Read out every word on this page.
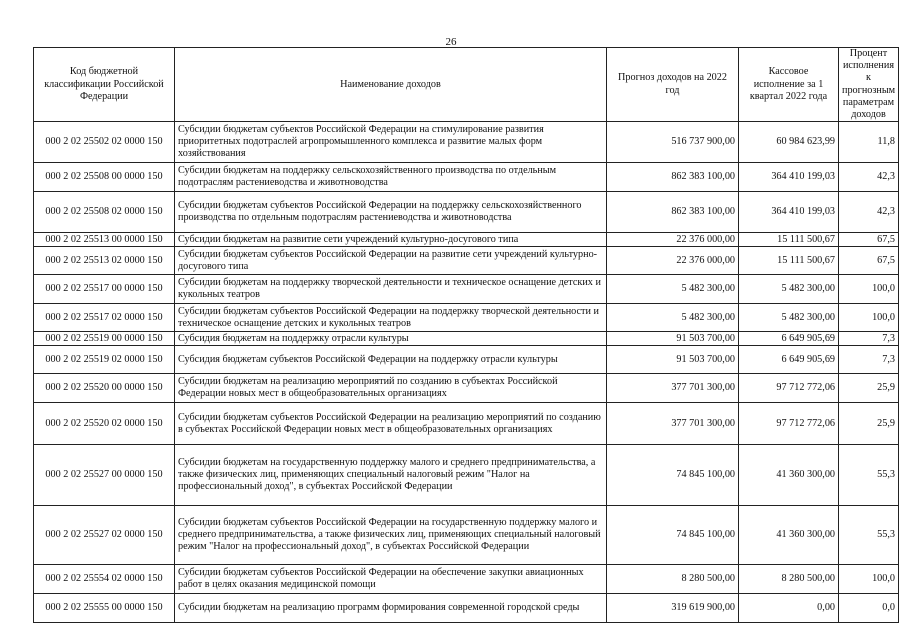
26
Код бюджетной классификации Российской Федерации	Наименование доходов	Прогноз доходов на 2022 год	Кассовое исполнение за 1 квартал 2022 года	Процент исполнения к прогнозным параметрам доходов
000 2 02 25502 02 0000 150	Субсидии бюджетам субъектов Российской Федерации на стимулирование развития приоритетных подотраслей агропромышленного комплекса и развитие малых форм хозяйствования	516 737 900,00	60 984 623,99	11,8
000 2 02 25508 00 0000 150	Субсидии бюджетам на поддержку сельскохозяйственного производства по отдельным подотраслям растениеводства и животноводства	862 383 100,00	364 410 199,03	42,3
000 2 02 25508 02 0000 150	Субсидии бюджетам субъектов Российской Федерации на поддержку сельскохозяйственного производства по отдельным подотраслям растениеводства и животноводства	862 383 100,00	364 410 199,03	42,3
000 2 02 25513 00 0000 150	Субсидии бюджетам на развитие сети учреждений культурно-досугового типа	22 376 000,00	15 111 500,67	67,5
000 2 02 25513 02 0000 150	Субсидии бюджетам субъектов Российской Федерации на развитие сети учреждений культурно-досугового типа	22 376 000,00	15 111 500,67	67,5
000 2 02 25517 00 0000 150	Субсидии бюджетам на поддержку творческой деятельности и техническое оснащение детских и кукольных театров	5 482 300,00	5 482 300,00	100,0
000 2 02 25517 02 0000 150	Субсидии бюджетам субъектов Российской Федерации на поддержку творческой деятельности и техническое оснащение детских и кукольных театров	5 482 300,00	5 482 300,00	100,0
000 2 02 25519 00 0000 150	Субсидия бюджетам на поддержку отрасли культуры	91 503 700,00	6 649 905,69	7,3
000 2 02 25519 02 0000 150	Субсидия бюджетам субъектов Российской Федерации на поддержку отрасли культуры	91 503 700,00	6 649 905,69	7,3
000 2 02 25520 00 0000 150	Субсидии бюджетам на реализацию мероприятий по созданию в субъектах Российской Федерации новых мест в общеобразовательных организациях	377 701 300,00	97 712 772,06	25,9
000 2 02 25520 02 0000 150	Субсидии бюджетам субъектов Российской Федерации на реализацию мероприятий по созданию в субъектах Российской Федерации новых мест в общеобразовательных организациях	377 701 300,00	97 712 772,06	25,9
000 2 02 25527 00 0000 150	Субсидии бюджетам на государственную поддержку малого и среднего предпринимательства, а также физических лиц, применяющих специальный налоговый режим "Налог на профессиональный доход", в субъектах Российской Федерации	74 845 100,00	41 360 300,00	55,3
000 2 02 25527 02 0000 150	Субсидии бюджетам субъектов Российской Федерации на государственную поддержку малого и среднего предпринимательства, а также физических лиц, применяющих специальный налоговый режим "Налог на профессиональный доход", в субъектах Российской Федерации	74 845 100,00	41 360 300,00	55,3
000 2 02 25554 02 0000 150	Субсидии бюджетам субъектов Российской Федерации на обеспечение закупки авиационных работ в целях оказания медицинской помощи	8 280 500,00	8 280 500,00	100,0
000 2 02 25555 00 0000 150	Субсидии бюджетам на реализацию программ формирования современной городской среды	319 619 900,00	0,00	0,0
